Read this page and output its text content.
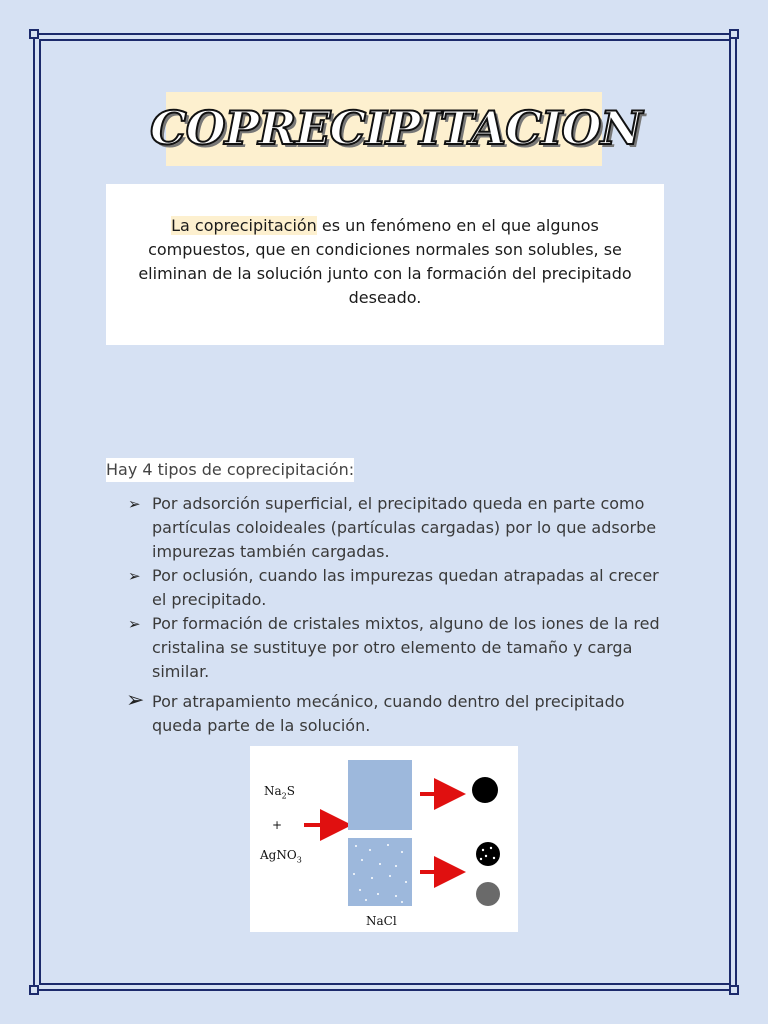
COPRECIPITACION
La coprecipitación es un fenómeno en el que algunos compuestos, que en condiciones normales son solubles, se eliminan de la solución junto con la formación del precipitado deseado.
Hay 4 tipos de coprecipitación:
➢ Por adsorción superficial, el precipitado queda en parte como partículas coloideales (partículas cargadas) por lo que adsorbe impurezas también cargadas.
➢ Por oclusión, cuando las impurezas quedan atrapadas al crecer el precipitado.
➢ Por formación de cristales mixtos, alguno de los iones de la red cristalina se sustituye por otro elemento de tamaño y carga similar.
➢ Por atrapamiento mecánico, cuando dentro del precipitado queda parte de la solución.
$Na_2S$
+
AgNO$_3$
NaCl
